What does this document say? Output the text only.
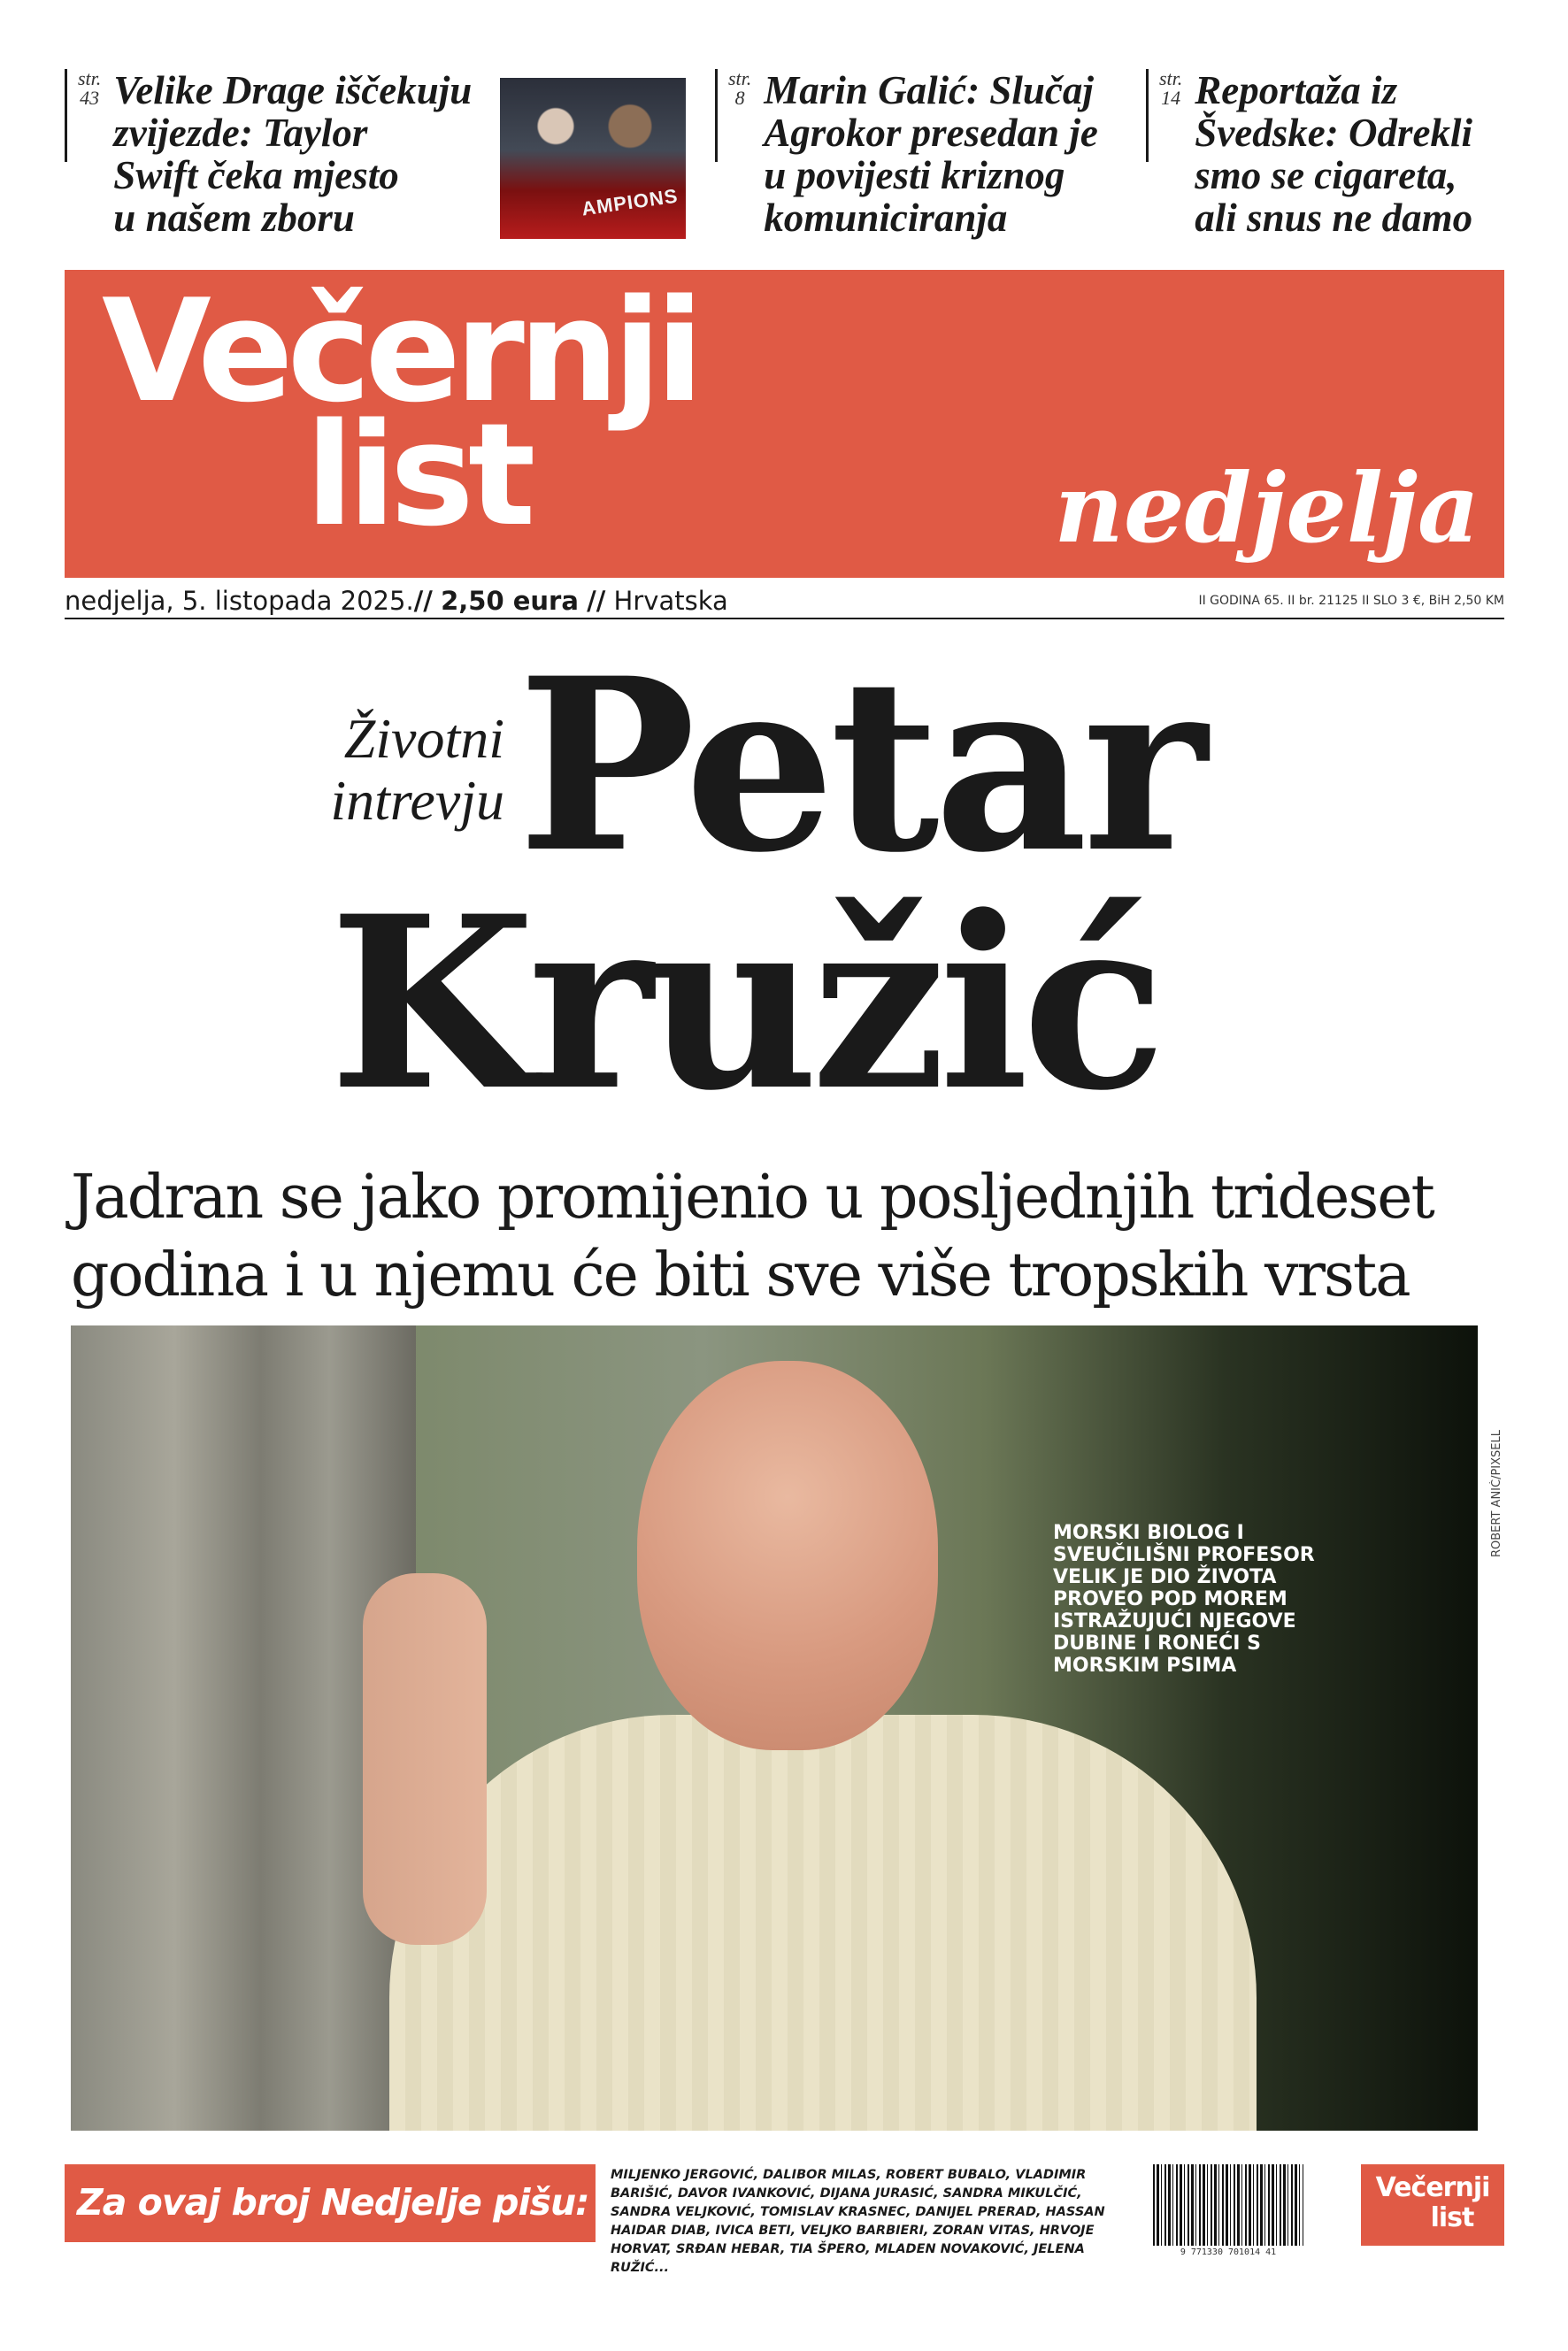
str.
43 Velike Drage iščekuju
zvijezde: Taylor
Swift čeka mjesto
u našem zboru	AMPIONS
str.
8 Marin Galić: Slučaj
Agrokor presedan je
u povijesti kriznog
komuniciranja
str.
14 Reportaža iz
Švedske: Odrekli
smo se cigareta,
ali snus ne damo
Večernji
list	nedjelja
nedjelja, 5. listopada 2025.// 2,50 eura // Hrvatska	II GODINA 65. II br. 21125 II SLO 3 €, BiH 2,50 KM
Životni
intrevju Petar
Kružić
Jadran se jako promijenio u posljednjih trideset
godina i u njemu će biti sve više tropskih vrsta
MORSKI BIOLOG I SVEUČILIŠNI PROFESOR VELIK JE DIO ŽIVOTA PROVEO POD MOREM ISTRAŽUJUĆI NJEGOVE DUBINE I RONEĆI S MORSKIM PSIMA
ROBERT ANIĆ/PIXSELL
Za ovaj broj Nedjelje pišu:
MILJENKO JERGOVIĆ, DALIBOR MILAS, ROBERT BUBALO, VLADIMIR BARIŠIĆ, DAVOR IVANKOVIĆ, DIJANA JURASIĆ, SANDRA MIKULČIĆ, SANDRA VELJKOVIĆ, TOMISLAV KRASNEC, DANIJEL PRERAD, HASSAN HAIDAR DIAB, IVICA BETI, VELJKO BARBIERI, ZORAN VITAS, HRVOJE HORVAT, SRĐAN HEBAR, TIA ŠPERO, MLADEN NOVAKOVIĆ, JELENA RUŽIĆ...
9 771330 701014 41
Večernji
list
